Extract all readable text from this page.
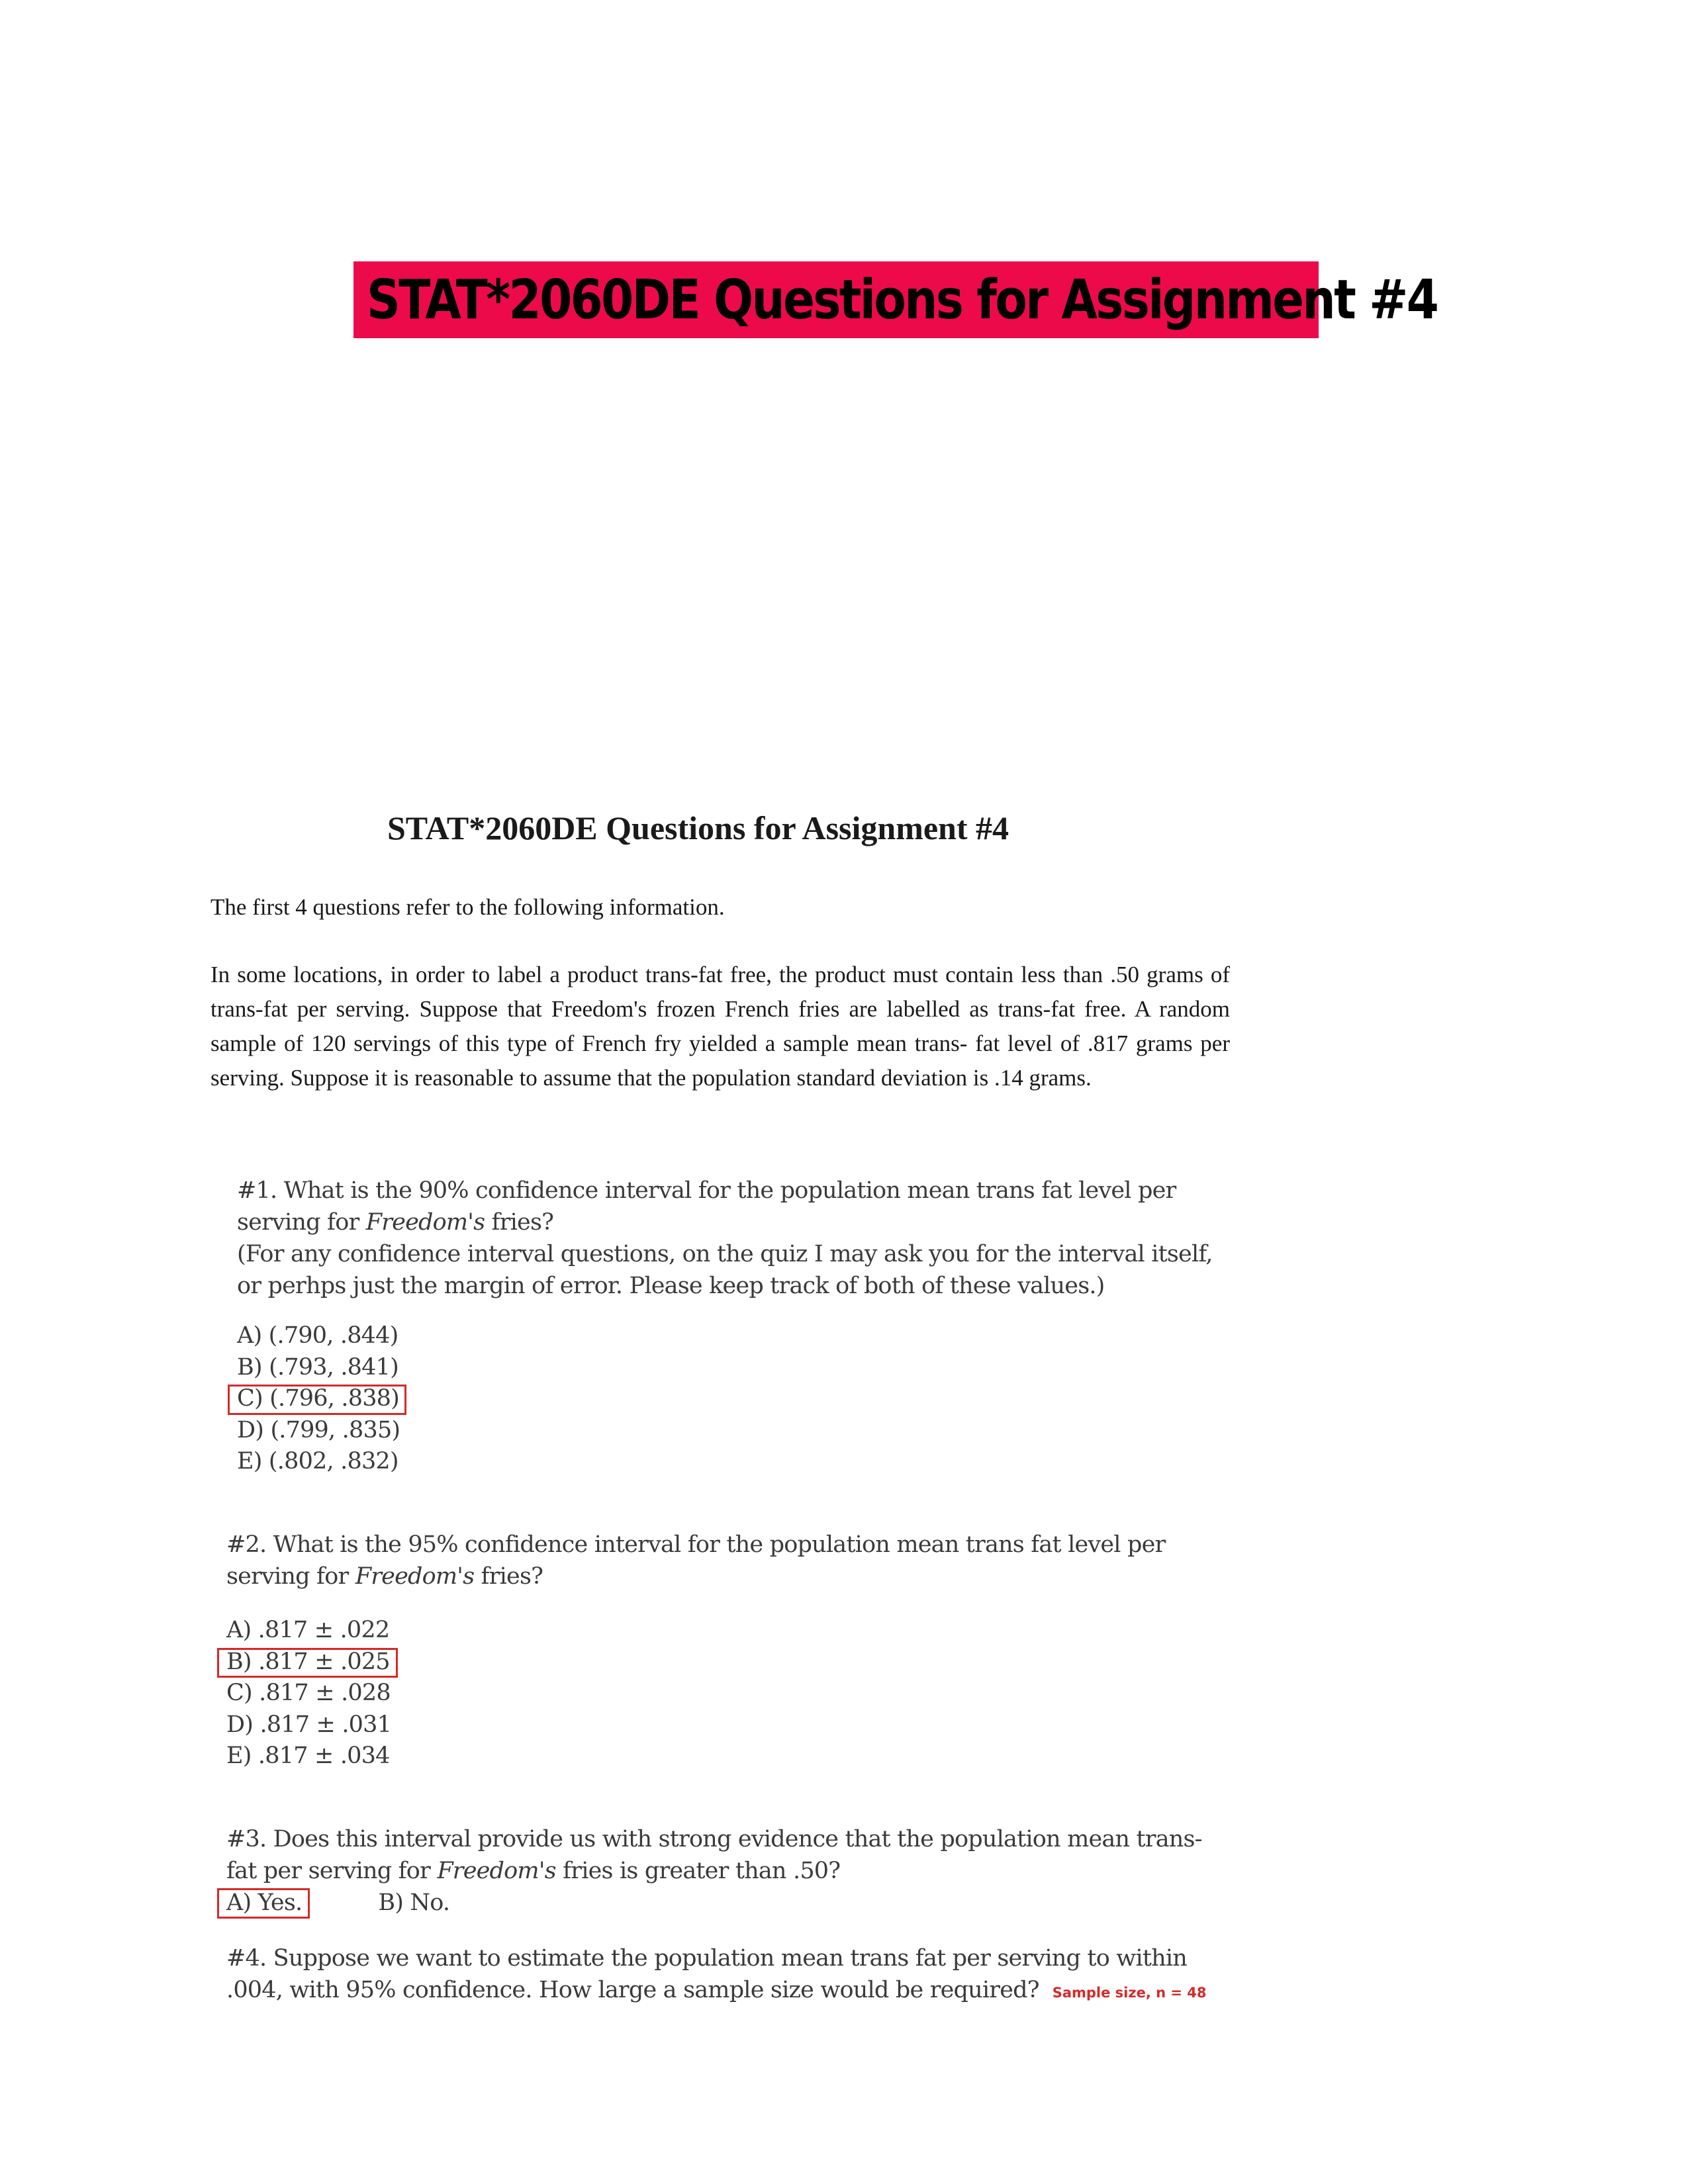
STAT*2060DE Questions for Assignment #4
STAT*2060DE Questions for Assignment #4
The first 4 questions refer to the following information.
In some locations, in order to label a product trans-fat free, the product must contain less than .50 grams of trans-fat per serving. Suppose that Freedom's frozen French fries are labelled as trans-fat free. A random sample of 120 servings of this type of French fry yielded a sample mean trans- fat level of .817 grams per serving. Suppose it is reasonable to assume that the population standard deviation is .14 grams.
#1. What is the 90% confidence interval for the population mean trans fat level per serving for Freedom's fries?
(For any confidence interval questions, on the quiz I may ask you for the interval itself, or perhps just the margin of error. Please keep track of both of these values.)
A) (.790, .844)
B) (.793, .841)
C) (.796, .838)
D) (.799, .835)
E) (.802, .832)
#2. What is the 95% confidence interval for the population mean trans fat level per serving for Freedom's fries?
A) .817 ± .022
B) .817 ± .025
C) .817 ± .028
D) .817 ± .031
E) .817 ± .034
#3. Does this interval provide us with strong evidence that the population mean trans-fat per serving for Freedom's fries is greater than .50?
A) Yes.	B) No.
#4. Suppose we want to estimate the population mean trans fat per serving to within .004, with 95% confidence. How large a sample size would be required? Sample size, n = 48
